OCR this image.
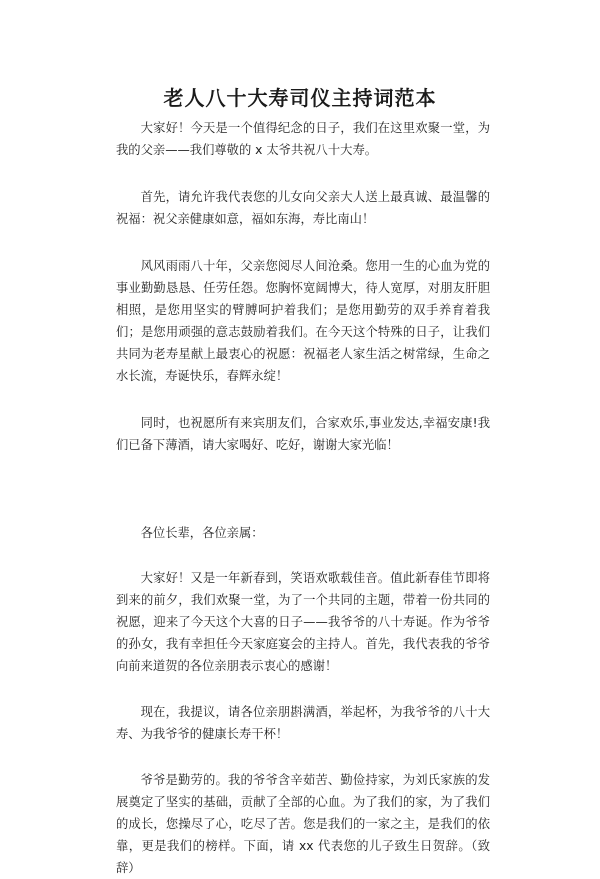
老人八十大寿司仪主持词范本

大家好！今天是一个值得纪念的日子，我们在这里欢聚一堂，为我的父亲——我们尊敬的 x 太爷共祝八十大寿。

首先，请允许我代表您的儿女向父亲大人送上最真诚、最温馨的祝福：祝父亲健康如意，福如东海，寿比南山！

风风雨雨八十年，父亲您阅尽人间沧桑。您用一生的心血为党的事业勤勤恳恳、任劳任怨。您胸怀宽阔博大，待人宽厚，对朋友肝胆相照，是您用坚实的臂膊呵护着我们；是您用勤劳的双手养育着我们；是您用顽强的意志鼓励着我们。在今天这个特殊的日子，让我们共同为老寿星献上最衷心的祝愿：祝福老人家生活之树常绿，生命之水长流，寿诞快乐，春辉永绽！

同时，也祝愿所有来宾朋友们，合家欢乐,事业发达,幸福安康!我们已备下薄酒，请大家喝好、吃好，谢谢大家光临！

各位长辈，各位亲属：

大家好！又是一年新春到，笑语欢歌载佳音。值此新春佳节即将到来的前夕，我们欢聚一堂，为了一个共同的主题，带着一份共同的祝愿，迎来了今天这个大喜的日子——我爷爷的八十寿诞。作为爷爷的孙女，我有幸担任今天家庭宴会的主持人。首先，我代表我的爷爷向前来道贺的各位亲朋表示衷心的感谢！

现在，我提议，请各位亲朋斟满酒，举起杯，为我爷爷的八十大寿、为我爷爷的健康长寿干杯！

爷爷是勤劳的。我的爷爷含辛茹苦、勤俭持家，为刘氏家族的发展奠定了坚实的基础，贡献了全部的心血。为了我们的家，为了我们的成长，您操尽了心，吃尽了苦。您是我们的一家之主，是我们的依靠，更是我们的榜样。下面，请 xx 代表您的儿子致生日贺辞。（致辞）
